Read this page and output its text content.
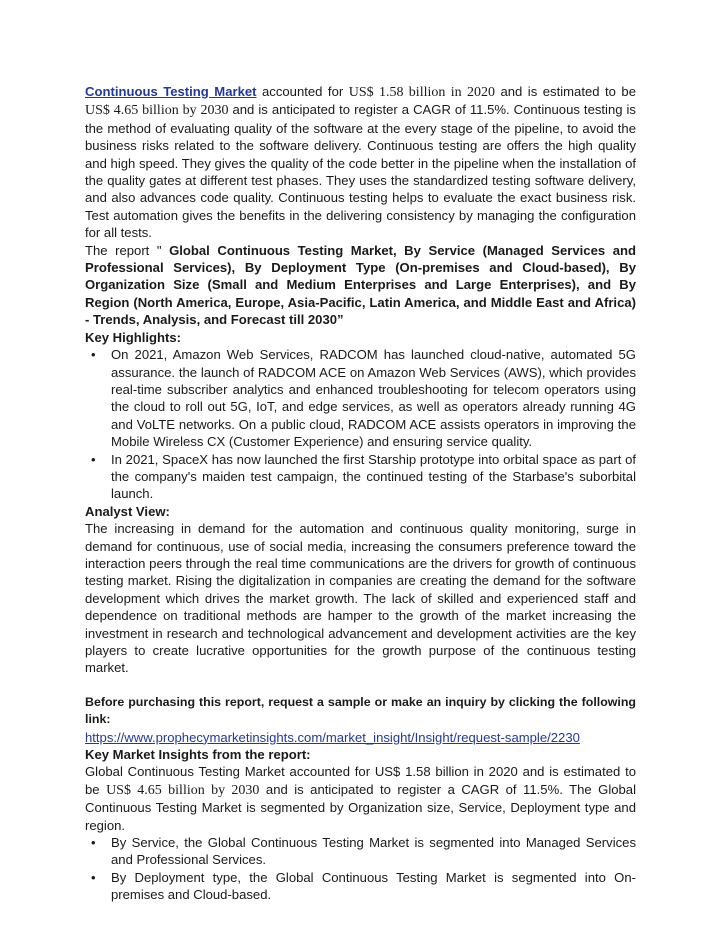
Continuous Testing Market accounted for US$ 1.58 billion in 2020 and is estimated to be US$ 4.65 billion by 2030 and is anticipated to register a CAGR of 11.5%. Continuous testing is the method of evaluating quality of the software at the every stage of the pipeline, to avoid the business risks related to the software delivery. Continuous testing are offers the high quality and high speed. They gives the quality of the code better in the pipeline when the installation of the quality gates at different test phases. They uses the standardized testing software delivery, and also advances code quality. Continuous testing helps to evaluate the exact business risk. Test automation gives the benefits in the delivering consistency by managing the configuration for all tests.

The report " Global Continuous Testing Market, By Service (Managed Services and Professional Services), By Deployment Type (On-premises and Cloud-based), By Organization Size (Small and Medium Enterprises and Large Enterprises), and By Region (North America, Europe, Asia-Pacific, Latin America, and Middle East and Africa) - Trends, Analysis, and Forecast till 2030”

Key Highlights:

• On 2021, Amazon Web Services, RADCOM has launched cloud-native, automated 5G assurance. the launch of RADCOM ACE on Amazon Web Services (AWS), which provides real-time subscriber analytics and enhanced troubleshooting for telecom operators using the cloud to roll out 5G, IoT, and edge services, as well as operators already running 4G and VoLTE networks. On a public cloud, RADCOM ACE assists operators in improving the Mobile Wireless CX (Customer Experience) and ensuring service quality.
• In 2021, SpaceX has now launched the first Starship prototype into orbital space as part of the company's maiden test campaign, the continued testing of the Starbase's suborbital launch.

Analyst View:

The increasing in demand for the automation and continuous quality monitoring, surge in demand for continuous, use of social media, increasing the consumers preference toward the interaction peers through the real time communications are the drivers for growth of continuous testing market. Rising the digitalization in companies are creating the demand for the software development which drives the market growth. The lack of skilled and experienced staff and dependence on traditional methods are hamper to the growth of the market increasing the investment in research and technological advancement and development activities are the key players to create lucrative opportunities for the growth purpose of the continuous testing market.

Before purchasing this report, request a sample or make an inquiry by clicking the following link:

https://www.prophecymarketinsights.com/market_insight/Insight/request-sample/2230

Key Market Insights from the report:

Global Continuous Testing Market accounted for US$ 1.58 billion in 2020 and is estimated to be US$ 4.65 billion by 2030 and is anticipated to register a CAGR of 11.5%. The Global Continuous Testing Market is segmented by Organization size, Service, Deployment type and region.

• By Service, the Global Continuous Testing Market is segmented into Managed Services and Professional Services.
• By Deployment type, the Global Continuous Testing Market is segmented into On-premises and Cloud-based.
